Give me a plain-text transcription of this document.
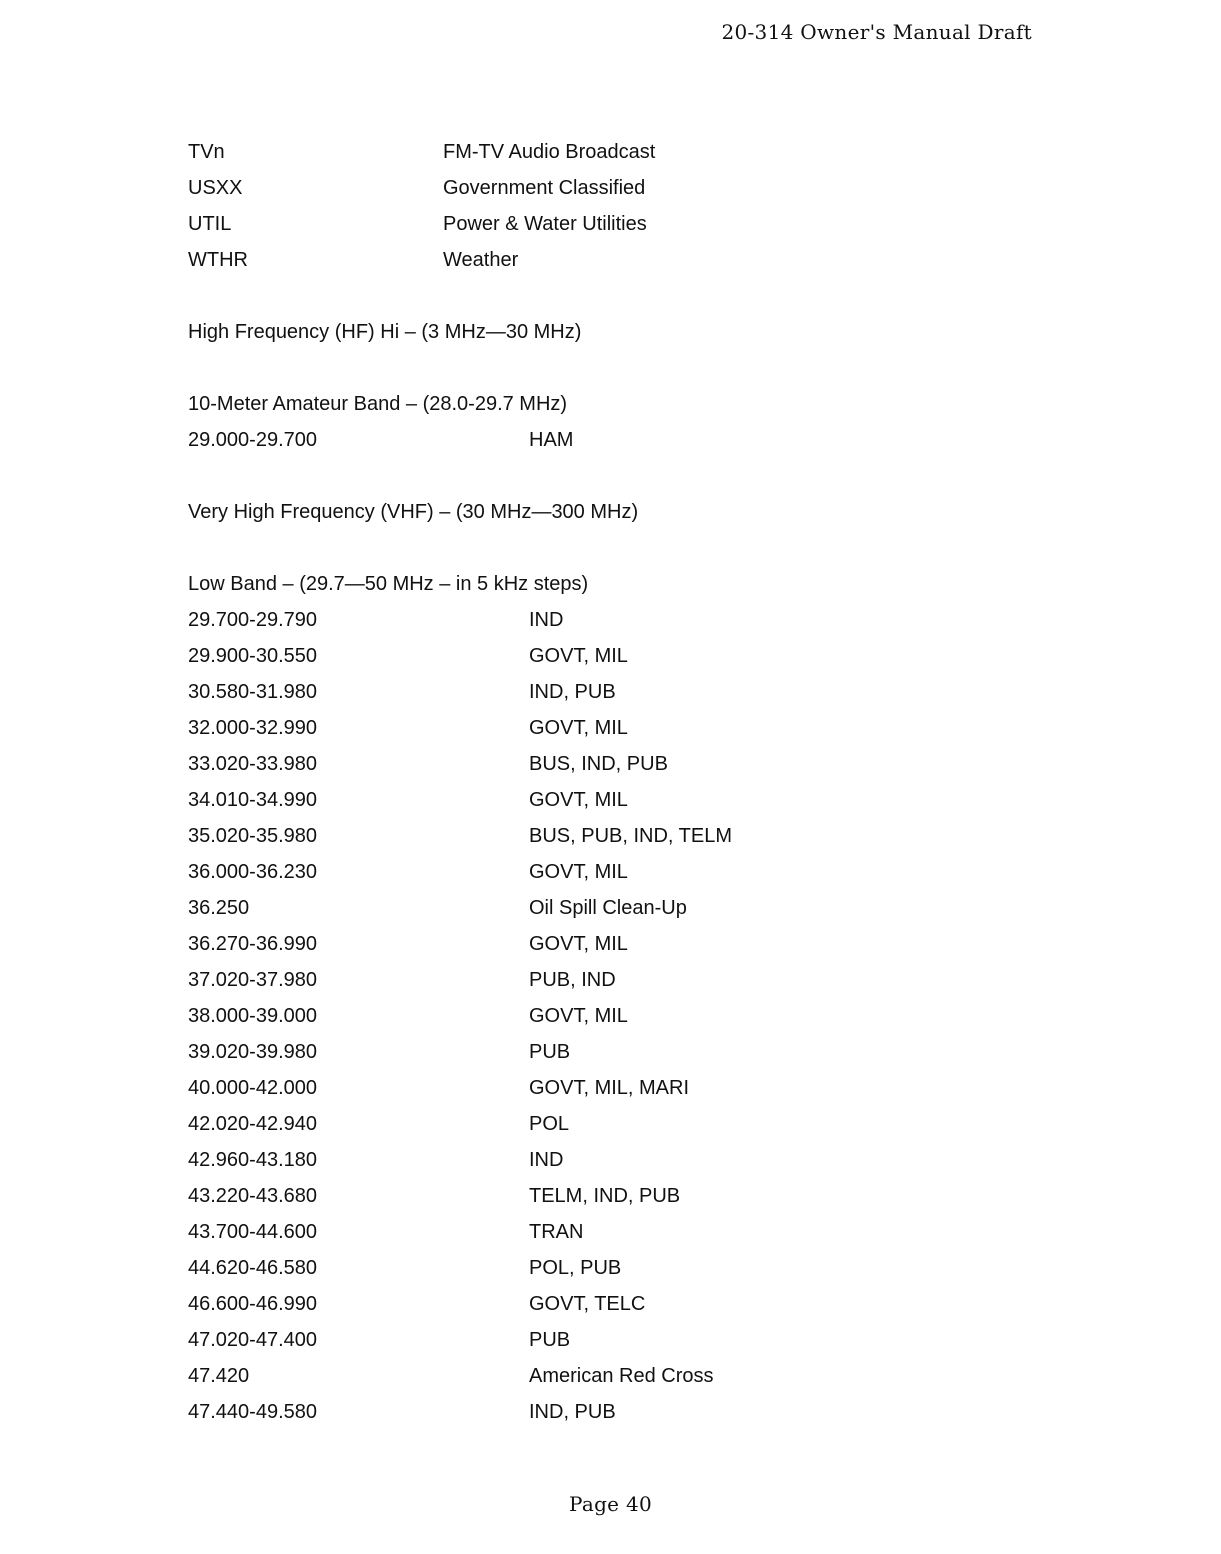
20-314 Owner's Manual Draft
TVn	FM-TV Audio Broadcast
USXX	Government Classified
UTIL	Power & Water Utilities
WTHR	Weather
High Frequency (HF) Hi – (3 MHz—30 MHz)
10-Meter Amateur Band – (28.0-29.7 MHz)
29.000-29.700	HAM
Very High Frequency (VHF) – (30 MHz—300 MHz)
Low Band – (29.7—50 MHz – in 5 kHz steps)
29.700-29.790	IND
29.900-30.550	GOVT, MIL
30.580-31.980	IND, PUB
32.000-32.990	GOVT, MIL
33.020-33.980	BUS, IND, PUB
34.010-34.990	GOVT, MIL
35.020-35.980	BUS, PUB, IND, TELM
36.000-36.230	GOVT, MIL
36.250	Oil Spill Clean-Up
36.270-36.990	GOVT, MIL
37.020-37.980	PUB, IND
38.000-39.000	GOVT, MIL
39.020-39.980	PUB
40.000-42.000	GOVT, MIL, MARI
42.020-42.940	POL
42.960-43.180	IND
43.220-43.680	TELM, IND, PUB
43.700-44.600	TRAN
44.620-46.580	POL, PUB
46.600-46.990	GOVT, TELC
47.020-47.400	PUB
47.420	American Red Cross
47.440-49.580	IND, PUB
Page 40
